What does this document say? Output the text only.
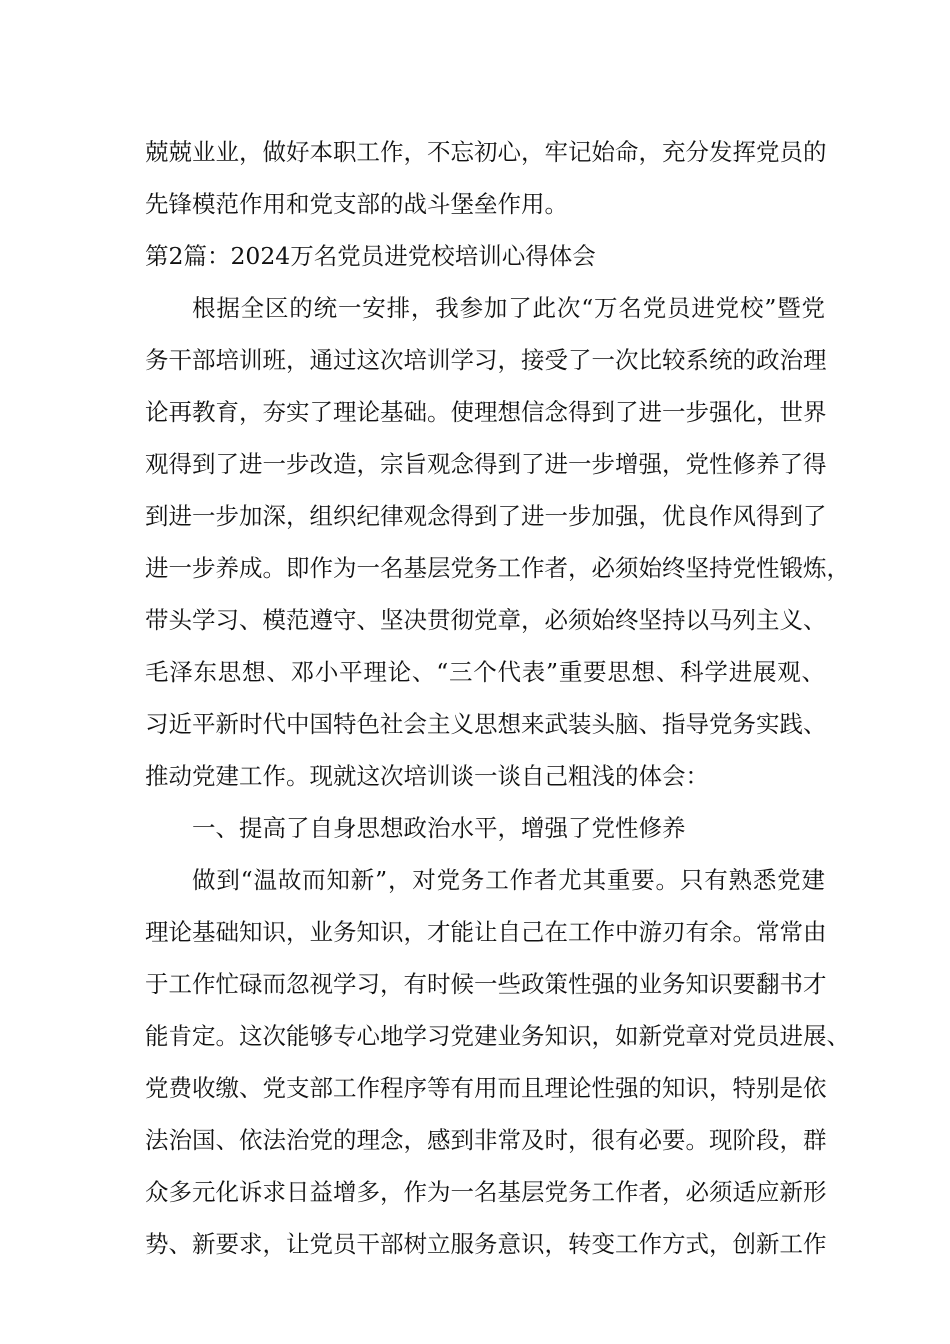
兢兢业业，做好本职工作，不忘初心，牢记始命，充分发挥党员的
先锋模范作用和党支部的战斗堡垒作用。
第2篇：2024万名党员进党校培训心得体会
根据全区的统一安排，我参加了此次“万名党员进党校”暨党
务干部培训班，通过这次培训学习，接受了一次比较系统的政治理
论再教育，夯实了理论基础。使理想信念得到了进一步强化，世界
观得到了进一步改造，宗旨观念得到了进一步增强，党性修养了得
到进一步加深，组织纪律观念得到了进一步加强，优良作风得到了
进一步养成。即作为一名基层党务工作者，必须始终坚持党性锻炼，
带头学习、模范遵守、坚决贯彻党章，必须始终坚持以马列主义、
毛泽东思想、邓小平理论、“三个代表”重要思想、科学进展观、
习近平新时代中国特色社会主义思想来武装头脑、指导党务实践、
推动党建工作。现就这次培训谈一谈自己粗浅的体会：
一、提高了自身思想政治水平，增强了党性修养
做到“温故而知新”，对党务工作者尤其重要。只有熟悉党建
理论基础知识，业务知识，才能让自己在工作中游刃有余。常常由
于工作忙碌而忽视学习，有时候一些政策性强的业务知识要翻书才
能肯定。这次能够专心地学习党建业务知识，如新党章对党员进展、
党费收缴、党支部工作程序等有用而且理论性强的知识，特别是依
法治国、依法治党的理念，感到非常及时，很有必要。现阶段，群
众多元化诉求日益增多，作为一名基层党务工作者，必须适应新形
势、新要求，让党员干部树立服务意识，转变工作方式，创新工作
